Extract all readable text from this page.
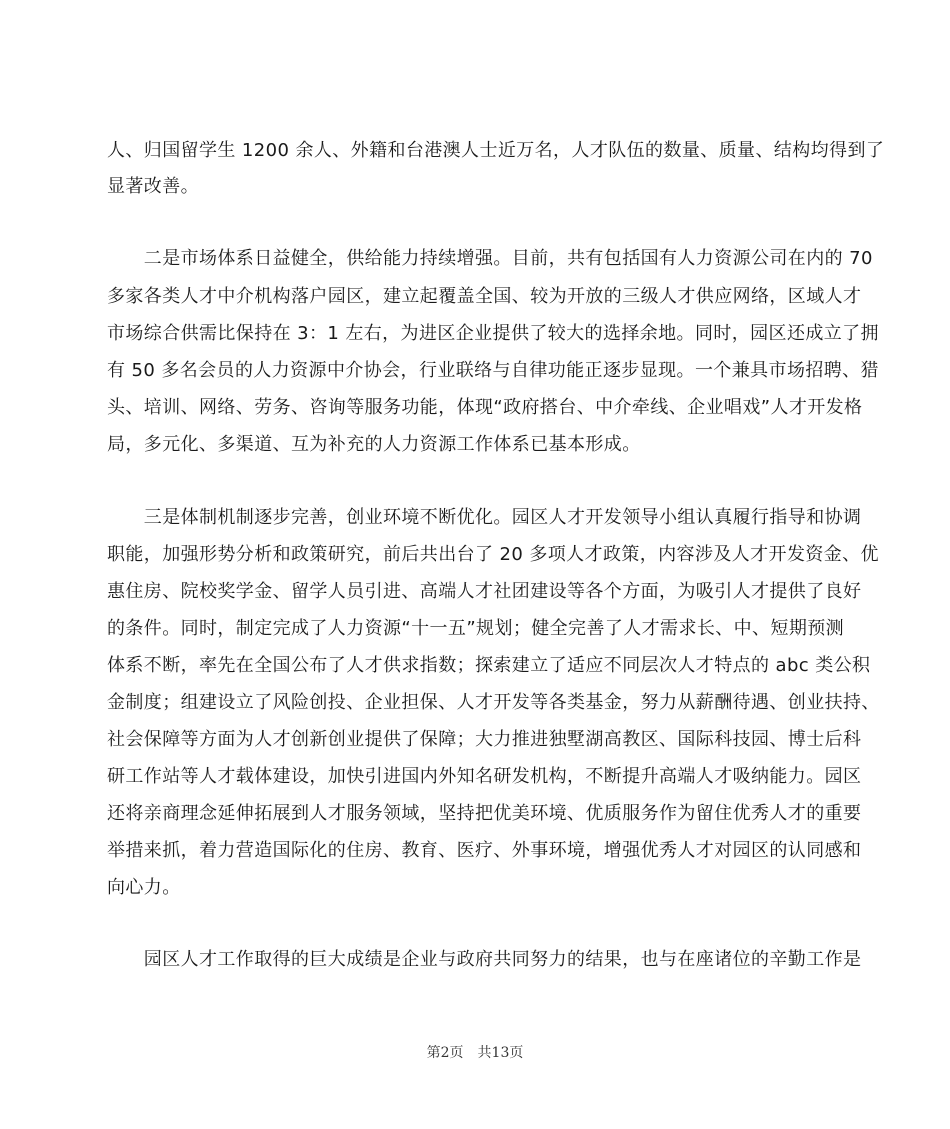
人、归国留学生 1200 余人、外籍和台港澳人士近万名，人才队伍的数量、质量、结构均得到了
显著改善。
　　二是市场体系日益健全，供给能力持续增强。目前，共有包括国有人力资源公司在内的 70
多家各类人才中介机构落户园区，建立起覆盖全国、较为开放的三级人才供应网络，区域人才
市场综合供需比保持在 3：1 左右，为进区企业提供了较大的选择余地。同时，园区还成立了拥
有 50 多名会员的人力资源中介协会，行业联络与自律功能正逐步显现。一个兼具市场招聘、猎
头、培训、网络、劳务、咨询等服务功能，体现“政府搭台、中介牵线、企业唱戏”人才开发格
局，多元化、多渠道、互为补充的人力资源工作体系已基本形成。
　　三是体制机制逐步完善，创业环境不断优化。园区人才开发领导小组认真履行指导和协调
职能，加强形势分析和政策研究，前后共出台了 20 多项人才政策，内容涉及人才开发资金、优
惠住房、院校奖学金、留学人员引进、高端人才社团建设等各个方面，为吸引人才提供了良好
的条件。同时，制定完成了人力资源“十一五”规划；健全完善了人才需求长、中、短期预测
体系不断，率先在全国公布了人才供求指数；探索建立了适应不同层次人才特点的 abc 类公积
金制度；组建设立了风险创投、企业担保、人才开发等各类基金，努力从薪酬待遇、创业扶持、
社会保障等方面为人才创新创业提供了保障；大力推进独墅湖高教区、国际科技园、博士后科
研工作站等人才载体建设，加快引进国内外知名研发机构，不断提升高端人才吸纳能力。园区
还将亲商理念延伸拓展到人才服务领域，坚持把优美环境、优质服务作为留住优秀人才的重要
举措来抓，着力营造国际化的住房、教育、医疗、外事环境，增强优秀人才对园区的认同感和
向心力。
　　园区人才工作取得的巨大成绩是企业与政府共同努力的结果，也与在座诸位的辛勤工作是
第2页　共13页
